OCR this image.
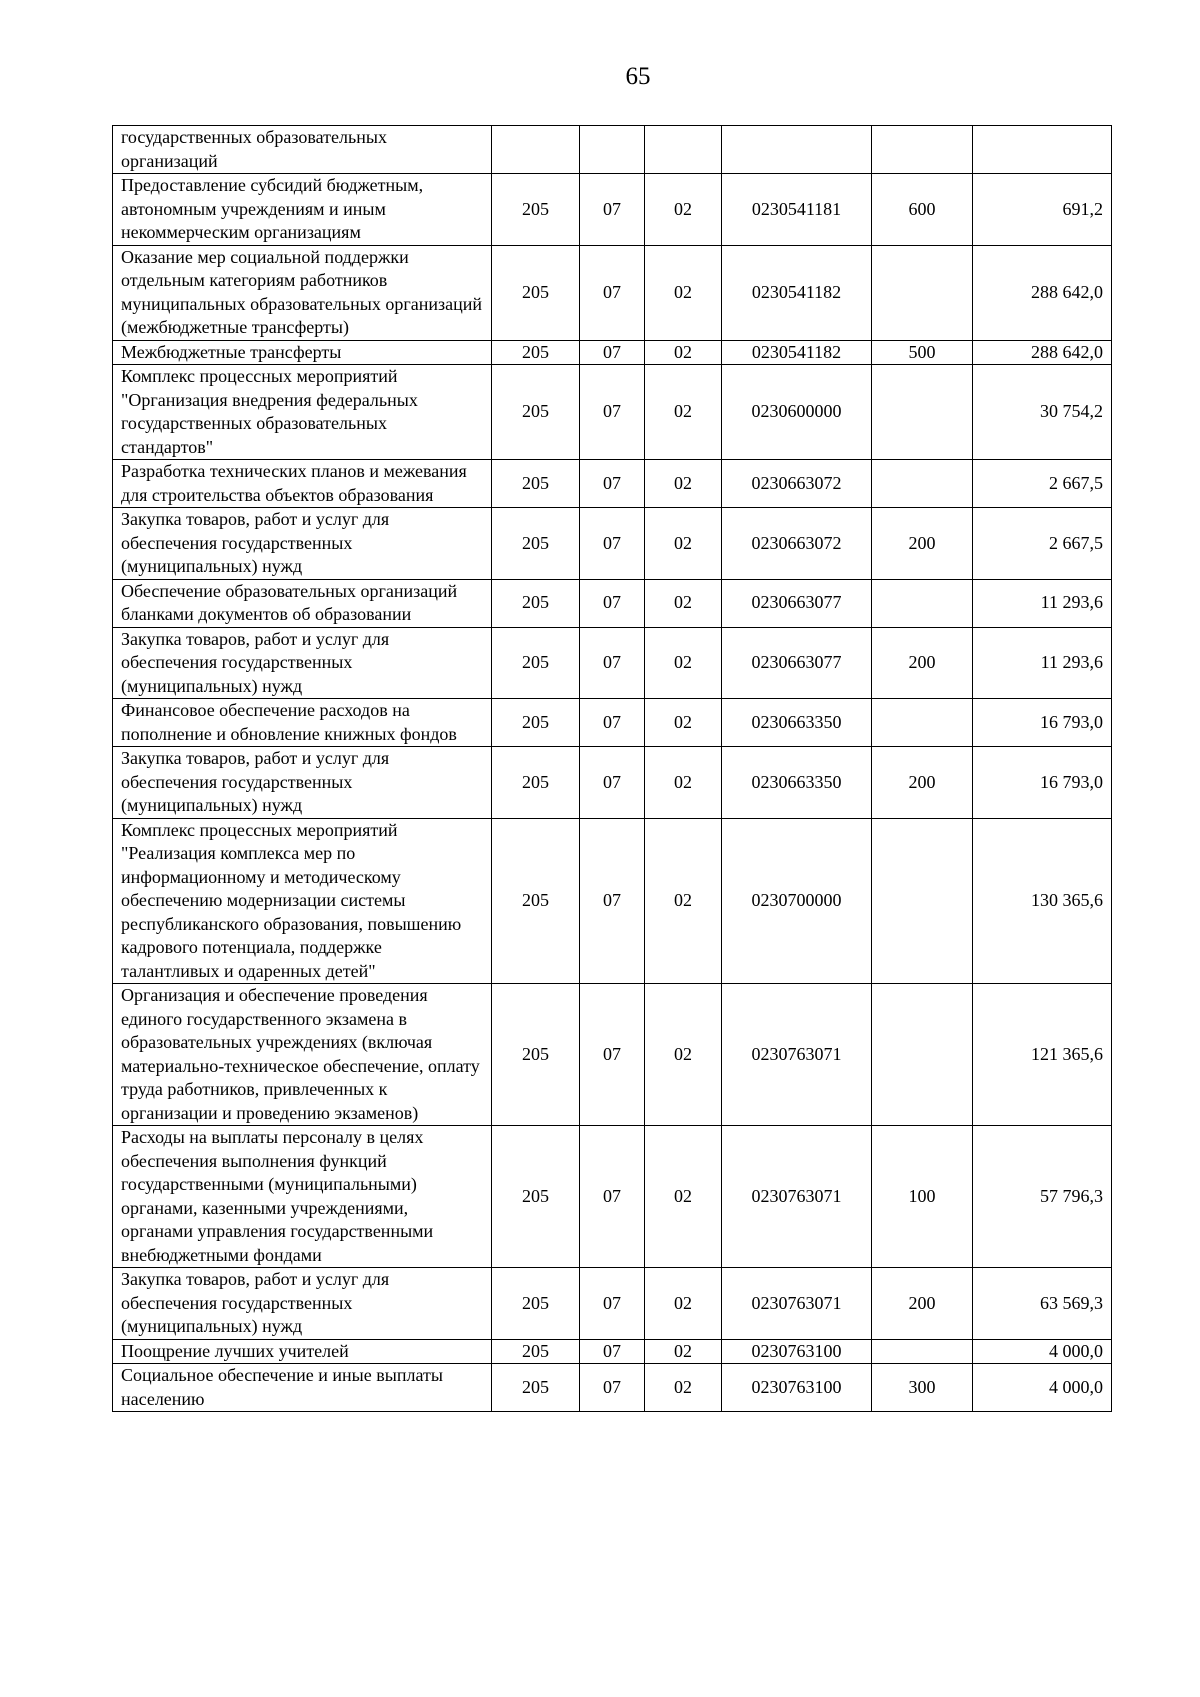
65
государственных образовательных организаций						
Предоставление субсидий бюджетным, автономным учреждениям и иным некоммерческим организациям	205	07	02	0230541181	600	691,2
Оказание мер социальной поддержки отдельным категориям работников муниципальных образовательных организаций (межбюджетные трансферты)	205	07	02	0230541182		288 642,0
Межбюджетные трансферты	205	07	02	0230541182	500	288 642,0
Комплекс процессных мероприятий "Организация внедрения федеральных государственных образовательных стандартов"	205	07	02	0230600000		30 754,2
Разработка технических планов и межевания для строительства объектов образования	205	07	02	0230663072		2 667,5
Закупка товаров, работ и услуг для обеспечения государственных (муниципальных) нужд	205	07	02	0230663072	200	2 667,5
Обеспечение образовательных организаций бланками документов об образовании	205	07	02	0230663077		11 293,6
Закупка товаров, работ и услуг для обеспечения государственных (муниципальных) нужд	205	07	02	0230663077	200	11 293,6
Финансовое обеспечение расходов на пополнение и обновление книжных фондов	205	07	02	0230663350		16 793,0
Закупка товаров, работ и услуг для обеспечения государственных (муниципальных) нужд	205	07	02	0230663350	200	16 793,0
Комплекс процессных мероприятий "Реализация комплекса мер по информационному и методическому обеспечению модернизации системы республиканского образования, повышению кадрового потенциала, поддержке талантливых и одаренных детей"	205	07	02	0230700000		130 365,6
Организация и обеспечение проведения единого государственного экзамена в образовательных учреждениях (включая материально-техническое обеспечение, оплату труда работников, привлеченных к организации и проведению экзаменов)	205	07	02	0230763071		121 365,6
Расходы на выплаты персоналу в целях обеспечения выполнения функций государственными (муниципальными) органами, казенными учреждениями, органами управления государственными внебюджетными фондами	205	07	02	0230763071	100	57 796,3
Закупка товаров, работ и услуг для обеспечения государственных (муниципальных) нужд	205	07	02	0230763071	200	63 569,3
Поощрение лучших учителей	205	07	02	0230763100		4 000,0
Социальное обеспечение и иные выплаты населению	205	07	02	0230763100	300	4 000,0
